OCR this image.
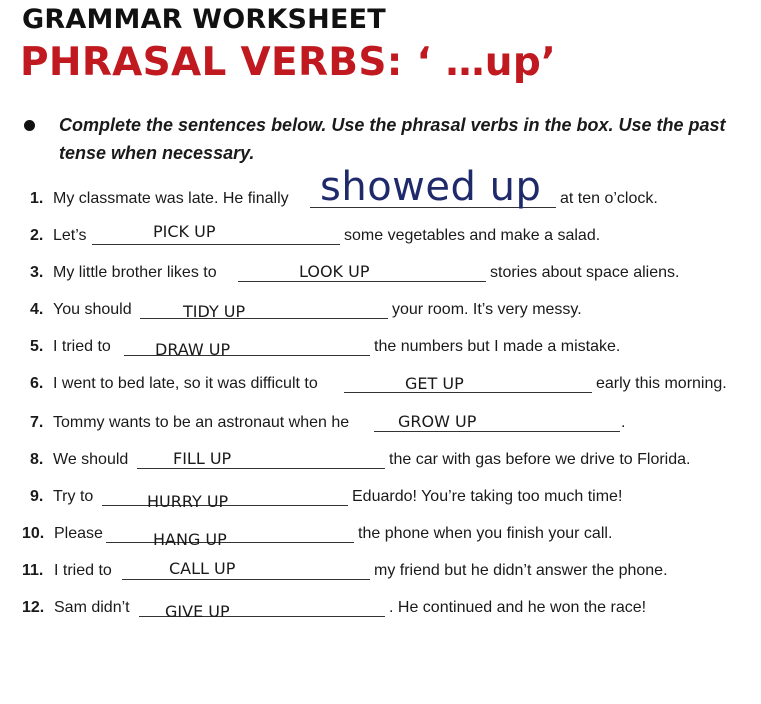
GRAMMAR WORKSHEET
PHRASAL VERBS: ‘ …up’
Complete the sentences below. Use the phrasal verbs in the box. Use the past tense when necessary.
1. My classmate was late. He finally showed up at ten o’clock.
2. Let’s	PICK UP	some vegetables and make a salad.
3. My little brother likes to	LOOK UP	stories about space aliens.
4. You should	TIDY UP	your room. It’s very messy.
5. I tried to	DRAW UP	the numbers but I made a mistake.
6. I went to bed late, so it was difficult to	GET UP	early this morning.
7. Tommy wants to be an astronaut when he	GROW UP	.
8. We should	FILL UP	the car with gas before we drive to Florida.
9. Try to	HURRY UP	Eduardo! You’re taking too much time!
10. Please	HANG UP	the phone when you finish your call.
11. I tried to	CALL UP	my friend but he didn’t answer the phone.
12. Sam didn’t GIVE UP	. He continued and he won the race!
